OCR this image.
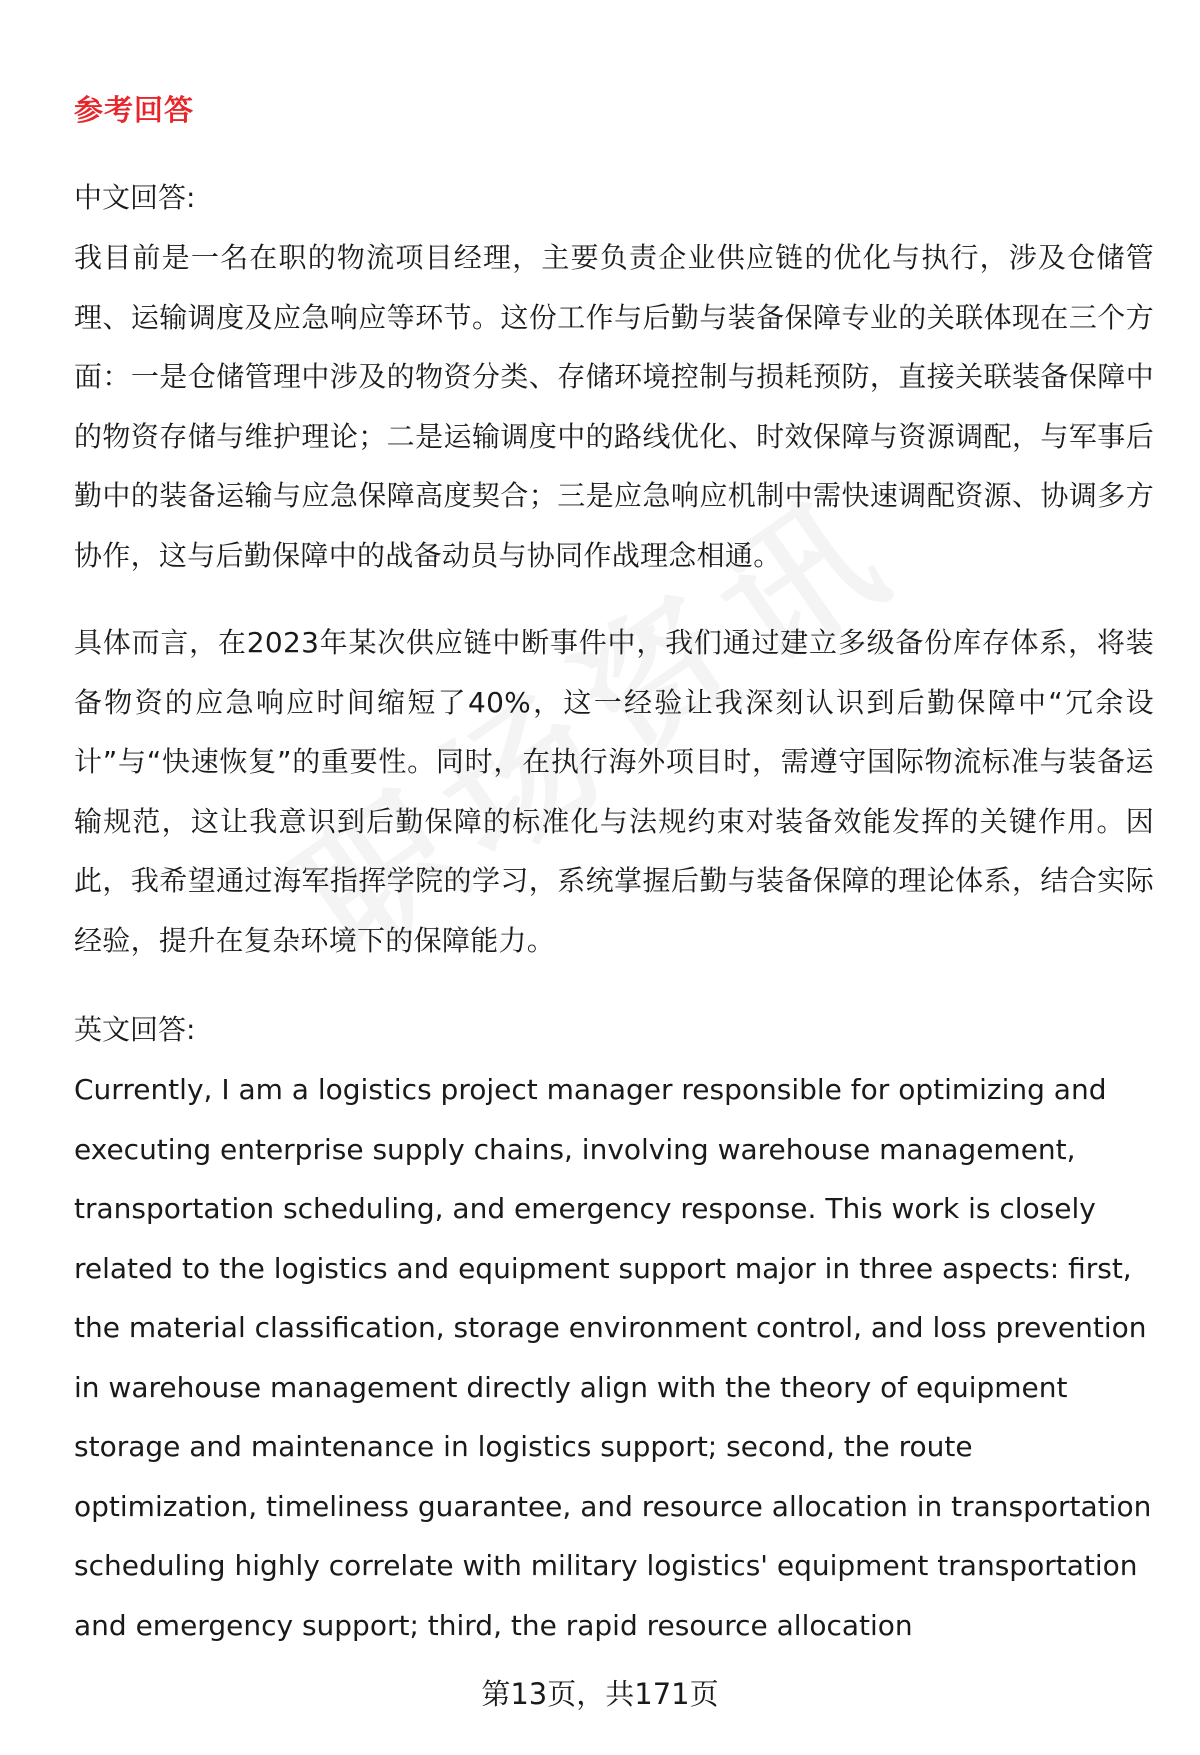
参考回答

中文回答:

我目前是一名在职的物流项目经理，主要负责企业供应链的优化与执行，涉及仓储管理、运输调度及应急响应等环节。这份工作与后勤与装备保障专业的关联体现在三个方面：一是仓储管理中涉及的物资分类、存储环境控制与损耗预防，直接关联装备保障中的物资存储与维护理论；二是运输调度中的路线优化、时效保障与资源调配，与军事后勤中的装备运输与应急保障高度契合；三是应急响应机制中需快速调配资源、协调多方协作，这与后勤保障中的战备动员与协同作战理念相通。

具体而言，在2023年某次供应链中断事件中，我们通过建立多级备份库存体系，将装备物资的应急响应时间缩短了40%，这一经验让我深刻认识到后勤保障中“冗余设计”与“快速恢复”的重要性。同时，在执行海外项目时，需遵守国际物流标准与装备运输规范，这让我意识到后勤保障的标准化与法规约束对装备效能发挥的关键作用。因此，我希望通过海军指挥学院的学习，系统掌握后勤与装备保障的理论体系，结合实际经验，提升在复杂环境下的保障能力。

英文回答:

Currently, I am a logistics project manager responsible for optimizing and executing enterprise supply chains, involving warehouse management, transportation scheduling, and emergency response. This work is closely related to the logistics and equipment support major in three aspects: first, the material classification, storage environment control, and loss prevention in warehouse management directly align with the theory of equipment storage and maintenance in logistics support; second, the route optimization, timeliness guarantee, and resource allocation in transportation scheduling highly correlate with military logistics' equipment transportation and emergency support; third, the rapid resource allocation

第13页，共171页
